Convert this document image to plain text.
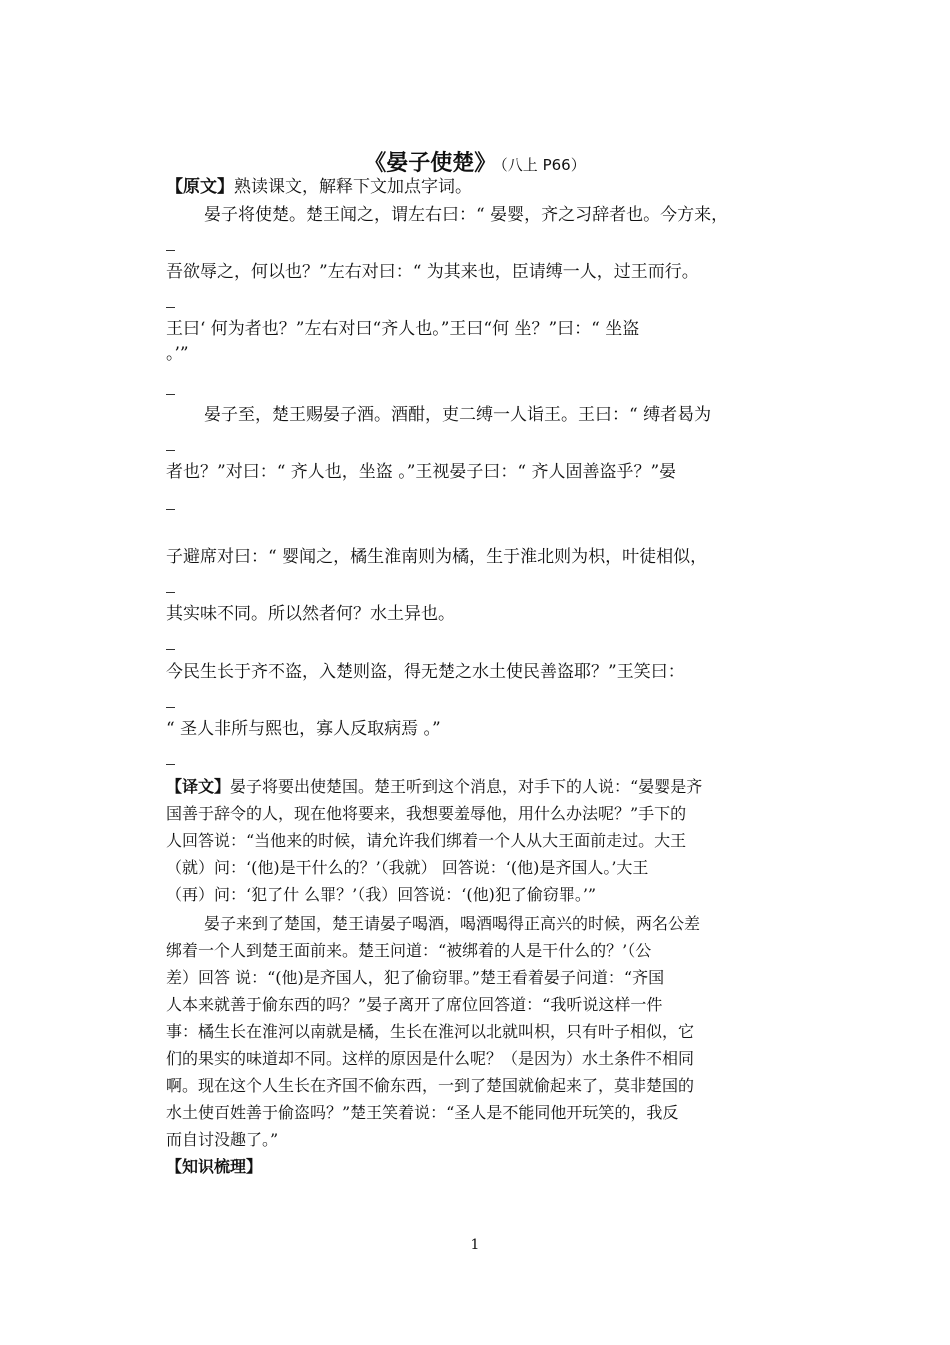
《晏子使楚》 （八上 P66）
【原文】熟读课文，解释下文加点字词。
晏子将使楚。楚王闻之，谓左右曰：“ 晏婴，齐之习辞者也。今方来，
吾欲辱之，何以也？”左右对曰：“ 为其来也，臣请缚一人，过王而行。
王曰‘ 何为者也？”左右对曰“齐人也。”王曰“何 坐？”曰：“ 坐盗
。’”
晏子至，楚王赐晏子酒。酒酣，吏二缚一人诣王。王曰：“ 缚者曷为
者也？”对曰：“ 齐人也，坐盗 。”王视晏子曰：“ 齐人固善盗乎？”晏
子避席对曰：“ 婴闻之，橘生淮南则为橘，生于淮北则为枳，叶徒相似，
其实味不同。所以然者何？水土异也。
今民生长于齐不盗，入楚则盗，得无楚之水土使民善盗耶？”王笑曰：
“ 圣人非所与熙也，寡人反取病焉 。”
【译文】晏子将要出使楚国。楚王听到这个消息，对手下的人说：“晏婴是齐
国善于辞令的人，现在他将要来，我想要羞辱他，用什么办法呢？”手下的
人回答说：“当他来的时候，请允许我们绑着一个人从大王面前走过。大王
（就）问：‘(他)是干什么的？’（我就） 回答说：‘(他)是齐国人。’大王
（再）问：‘犯了什 么罪？’（我）回答说：‘(他)犯了偷窃罪。’”
晏子来到了楚国，楚王请晏子喝酒，喝酒喝得正高兴的时候，两名公差
绑着一个人到楚王面前来。楚王问道：“被绑着的人是干什么的？’（公
差）回答 说：“(他)是齐国人，犯了偷窃罪。”楚王看着晏子问道：“齐国
人本来就善于偷东西的吗？”晏子离开了席位回答道：“我听说这样一件
事：橘生长在淮河以南就是橘，生长在淮河以北就叫枳，只有叶子相似，它
们的果实的味道却不同。这样的原因是什么呢？（是因为）水土条件不相同
啊。现在这个人生长在齐国不偷东西，一到了楚国就偷起来了，莫非楚国的
水土使百姓善于偷盗吗？”楚王笑着说：“圣人是不能同他开玩笑的，我反
而自讨没趣了。”
【知识梳理】
1
